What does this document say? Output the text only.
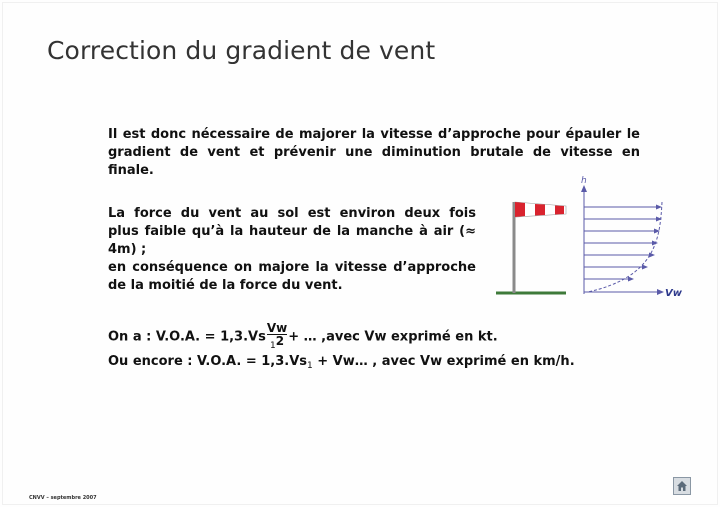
Correction du gradient de vent
Il est donc nécessaire de majorer la vitesse d’approche pour épauler le gradient de vent et prévenir une diminution brutale de vitesse en finale.
La force du vent au sol est environ deux fois
plus faible qu’à la hauteur de la manche à air (≈
4m) ;
en conséquence on majore la vitesse d’approche
de la moitié de la force du vent.
On a : V.O.A. = $1,3.Vs \frac{Vw}{_12}$ + … ,avec Vw exprimé en kt.
Ou encore : V.O.A. = $1,3.Vs_1$ + Vw… , avec Vw exprimé en km/h.
h
Vw
CNVV – septembre 2007
